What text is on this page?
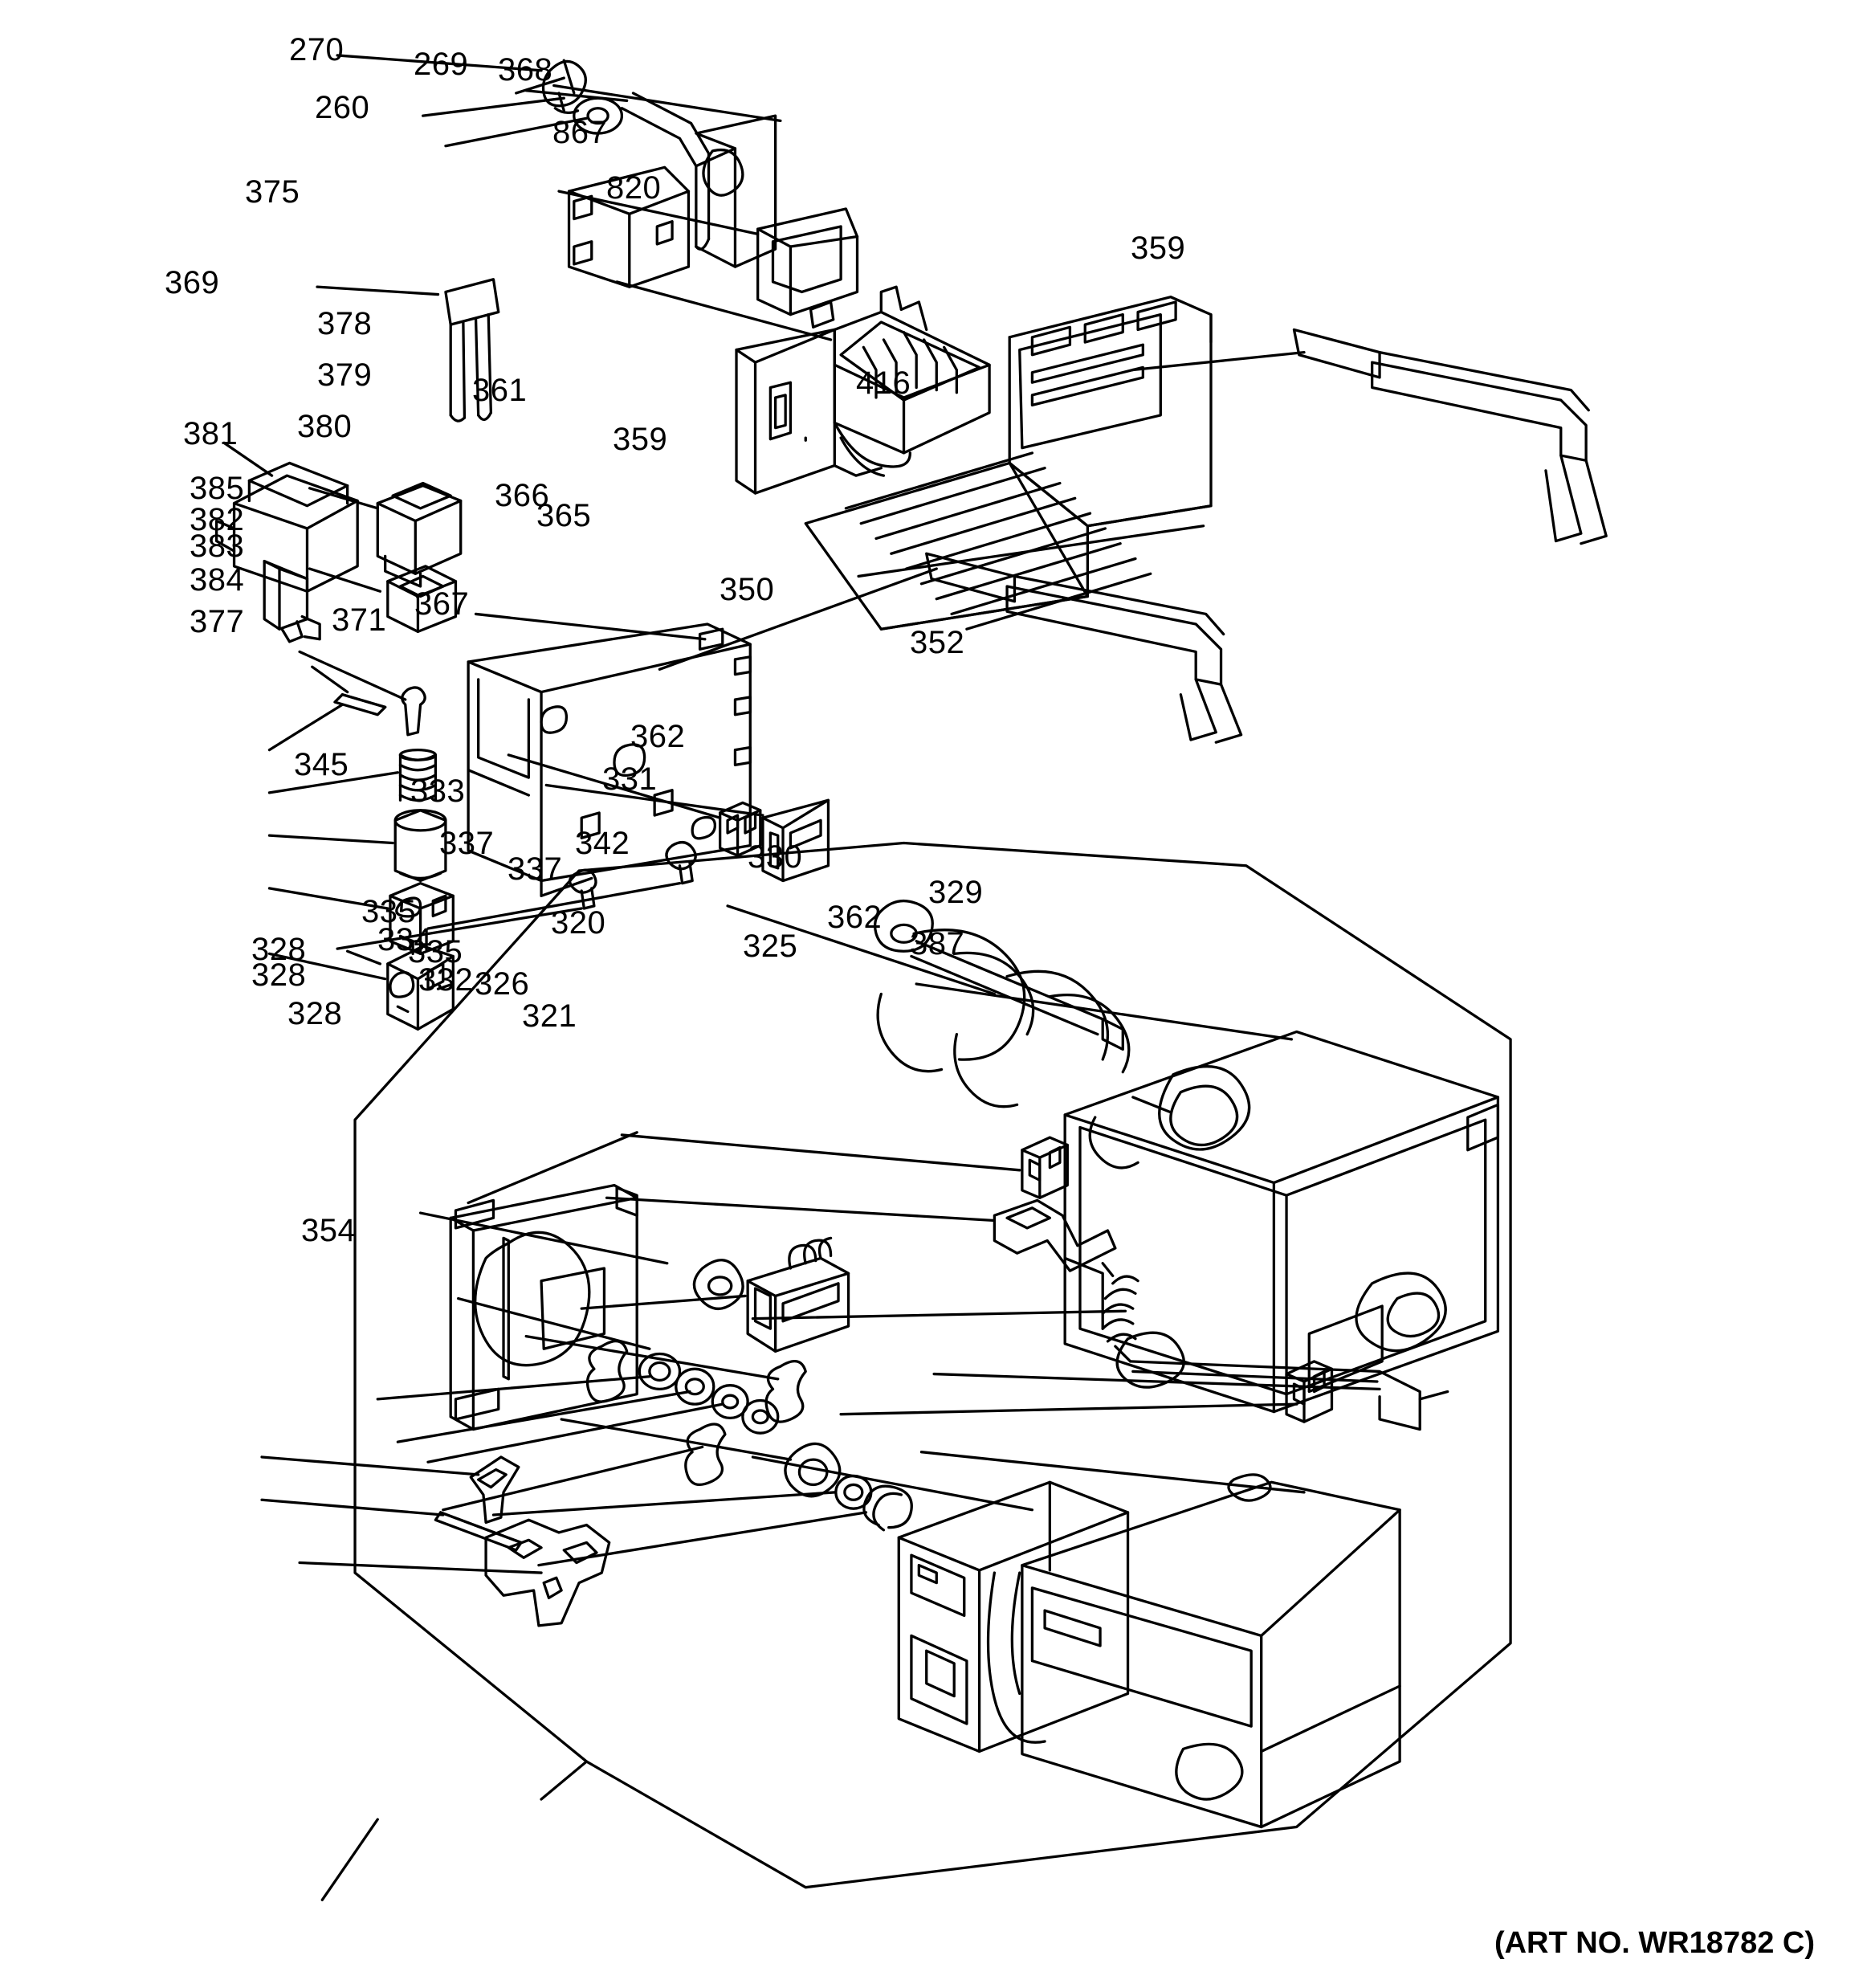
270 269 368
260
867
375	820
359
369
378
379	416
361
380
381	359
385	366
382	365
383
384	350
367
371
377
352
362
345	331
333
337	342
337	330
335	320
329
334
362
335
328
328	332 326
325	387
321
328
354
(ART NO. WR18782 C)
